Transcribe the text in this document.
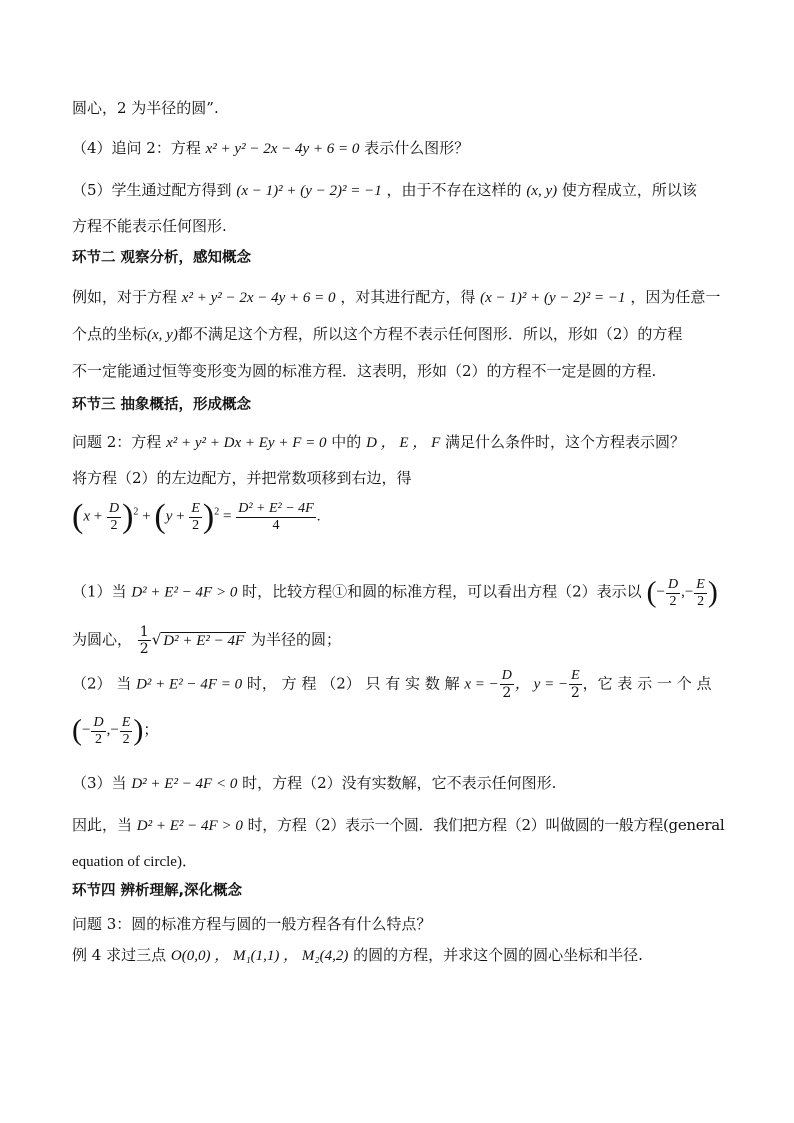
圆心，2 为半径的圆”.
（4）追问 2：方程 x² + y² − 2x − 4y + 6 = 0 表示什么图形？
（5）学生通过配方得到 (x − 1)² + (y − 2)² = −1 ，由于不存在这样的 (x, y) 使方程成立，所以该
方程不能表示任何图形.
环节二 观察分析，感知概念
例如，对于方程 x² + y² − 2x − 4y + 6 = 0 ，对其进行配方，得 (x − 1)² + (y − 2)² = −1 ，因为任意一
个点的坐标(x, y)都不满足这个方程，所以这个方程不表示任何图形．所以，形如（2）的方程
不一定能通过恒等变形变为圆的标准方程．这表明，形如（2）的方程不一定是圆的方程.
环节三 抽象概括，形成概念
问题 2：方程 x² + y² + Dx + Ey + F = 0 中的 D ， E ， F 满足什么条件时，这个方程表示圆？
将方程（2）的左边配方，并把常数项移到右边，得
$(x + \frac{D}{2} )^2 + (y + \frac{E}{2} )^2 = \frac{\text{D² + E² − 4F}}{4}$ .
（1）当 D² + E² − 4F > 0 时，比较方程①和圆的标准方程，可以看出方程（2）表示以 (− $\frac{D}{2}$ ,− $\frac{E}{2}$ )
为圆心， $\frac{1}{2}$ √ D² + E² − 4F 为半径的圆；
（2） 当 D² + E² − 4F = 0 时， 方 程 （2） 只 有 实 数 解 x = − $\frac{D}{2}$ ， y = − $\frac{E}{2}$ ，它 表 示 一 个 点
(− $\frac{D}{2}$ ,− $\frac{E}{2}$ )；
（3）当 D² + E² − 4F < 0 时，方程（2）没有实数解，它不表示任何图形.
因此，当 D² + E² − 4F > 0 时，方程（2）表示一个圆．我们把方程（2）叫做圆的一般方程(general
equation of circle)．
环节四 辨析理解,深化概念
问题 3：圆的标准方程与圆的一般方程各有什么特点？
例 4 求过三点 O(0,0) ， M₁(1,1) ， M₂(4,2) 的圆的方程，并求这个圆的圆心坐标和半径.
